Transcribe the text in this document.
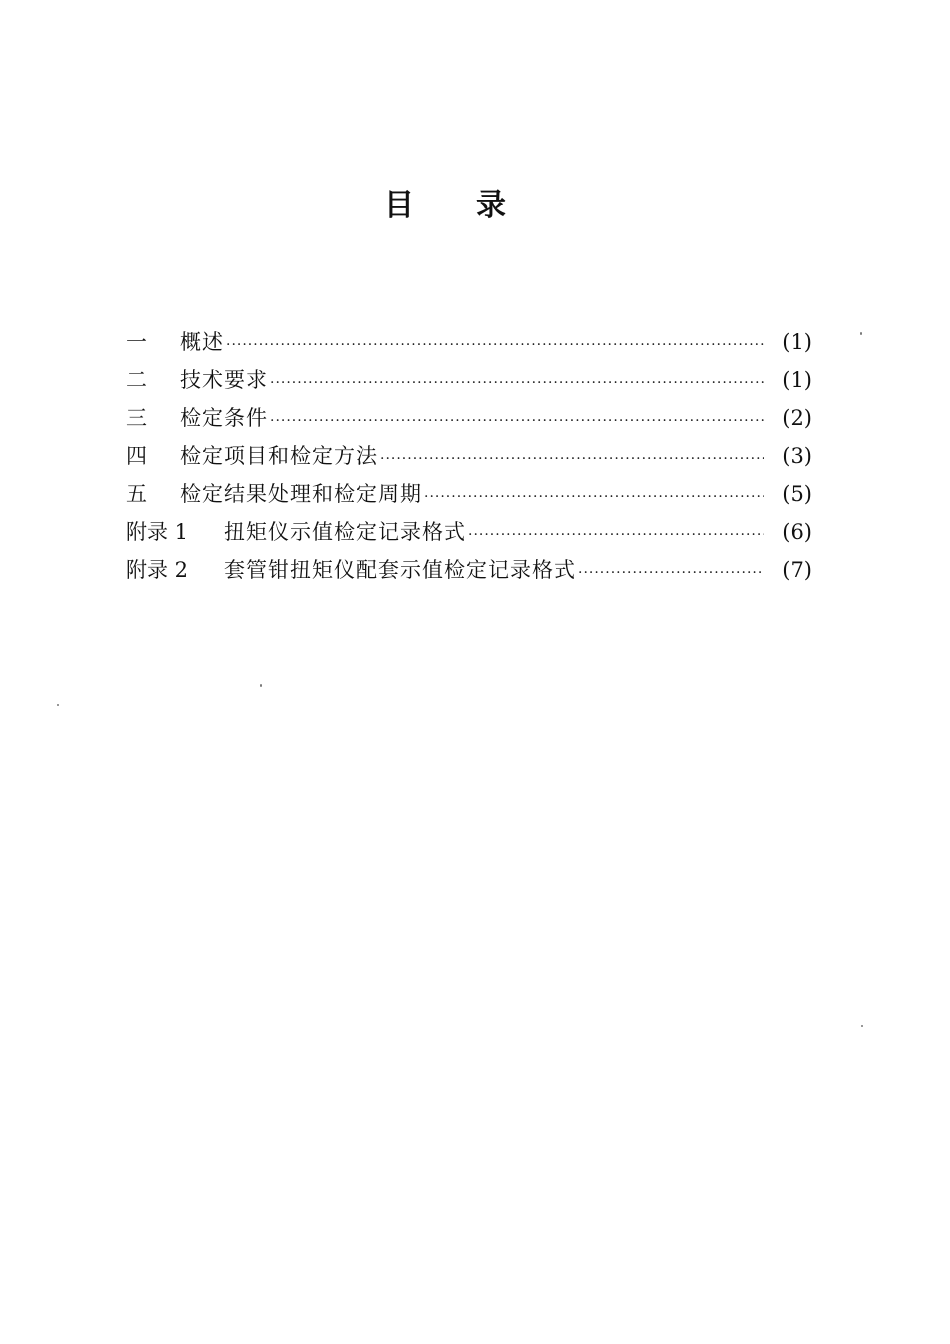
目录
一	概述 ·····	(1)
二	技术要求 ·····	(1)
三	检定条件 ·····	(2)
四	检定项目和检定方法 ·····	(3)
五	检定结果处理和检定周期 ·····	(5)
附录 1	扭矩仪示值检定记录格式 ·····	(6)
附录 2	套管钳扭矩仪配套示值检定记录格式 ·····	(7)
